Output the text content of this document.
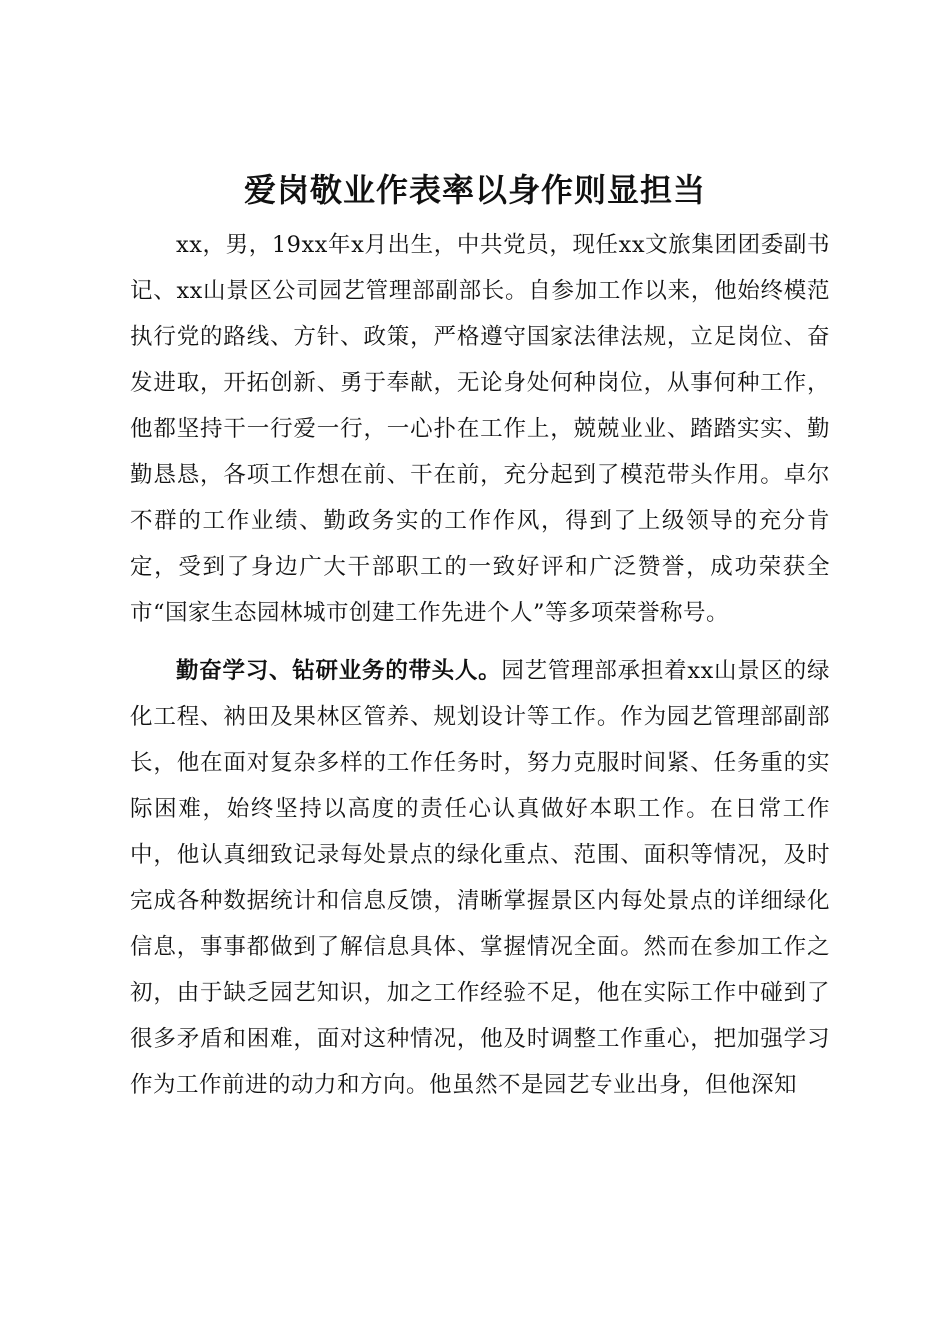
爱岗敬业作表率以身作则显担当

xx，男，19xx年x月出生，中共党员，现任xx文旅集团团委副书记、xx山景区公司园艺管理部副部长。自参加工作以来，他始终模范执行党的路线、方针、政策，严格遵守国家法律法规，立足岗位、奋发进取，开拓创新、勇于奉献，无论身处何种岗位，从事何种工作，他都坚持干一行爱一行，一心扑在工作上，兢兢业业、踏踏实实、勤勤恳恳，各项工作想在前、干在前，充分起到了模范带头作用。卓尔不群的工作业绩、勤政务实的工作作风，得到了上级领导的充分肯定，受到了身边广大干部职工的一致好评和广泛赞誉，成功荣获全市“国家生态园林城市创建工作先进个人”等多项荣誉称号。

勤奋学习、钻研业务的带头人。园艺管理部承担着xx山景区的绿化工程、衲田及果林区管养、规划设计等工作。作为园艺管理部副部长，他在面对复杂多样的工作任务时，努力克服时间紧、任务重的实际困难，始终坚持以高度的责任心认真做好本职工作。在日常工作中，他认真细致记录每处景点的绿化重点、范围、面积等情况，及时完成各种数据统计和信息反馈，清晰掌握景区内每处景点的详细绿化信息，事事都做到了解信息具体、掌握情况全面。然而在参加工作之初，由于缺乏园艺知识，加之工作经验不足，他在实际工作中碰到了很多矛盾和困难，面对这种情况，他及时调整工作重心，把加强学习作为工作前进的动力和方向。他虽然不是园艺专业出身，但他深知
